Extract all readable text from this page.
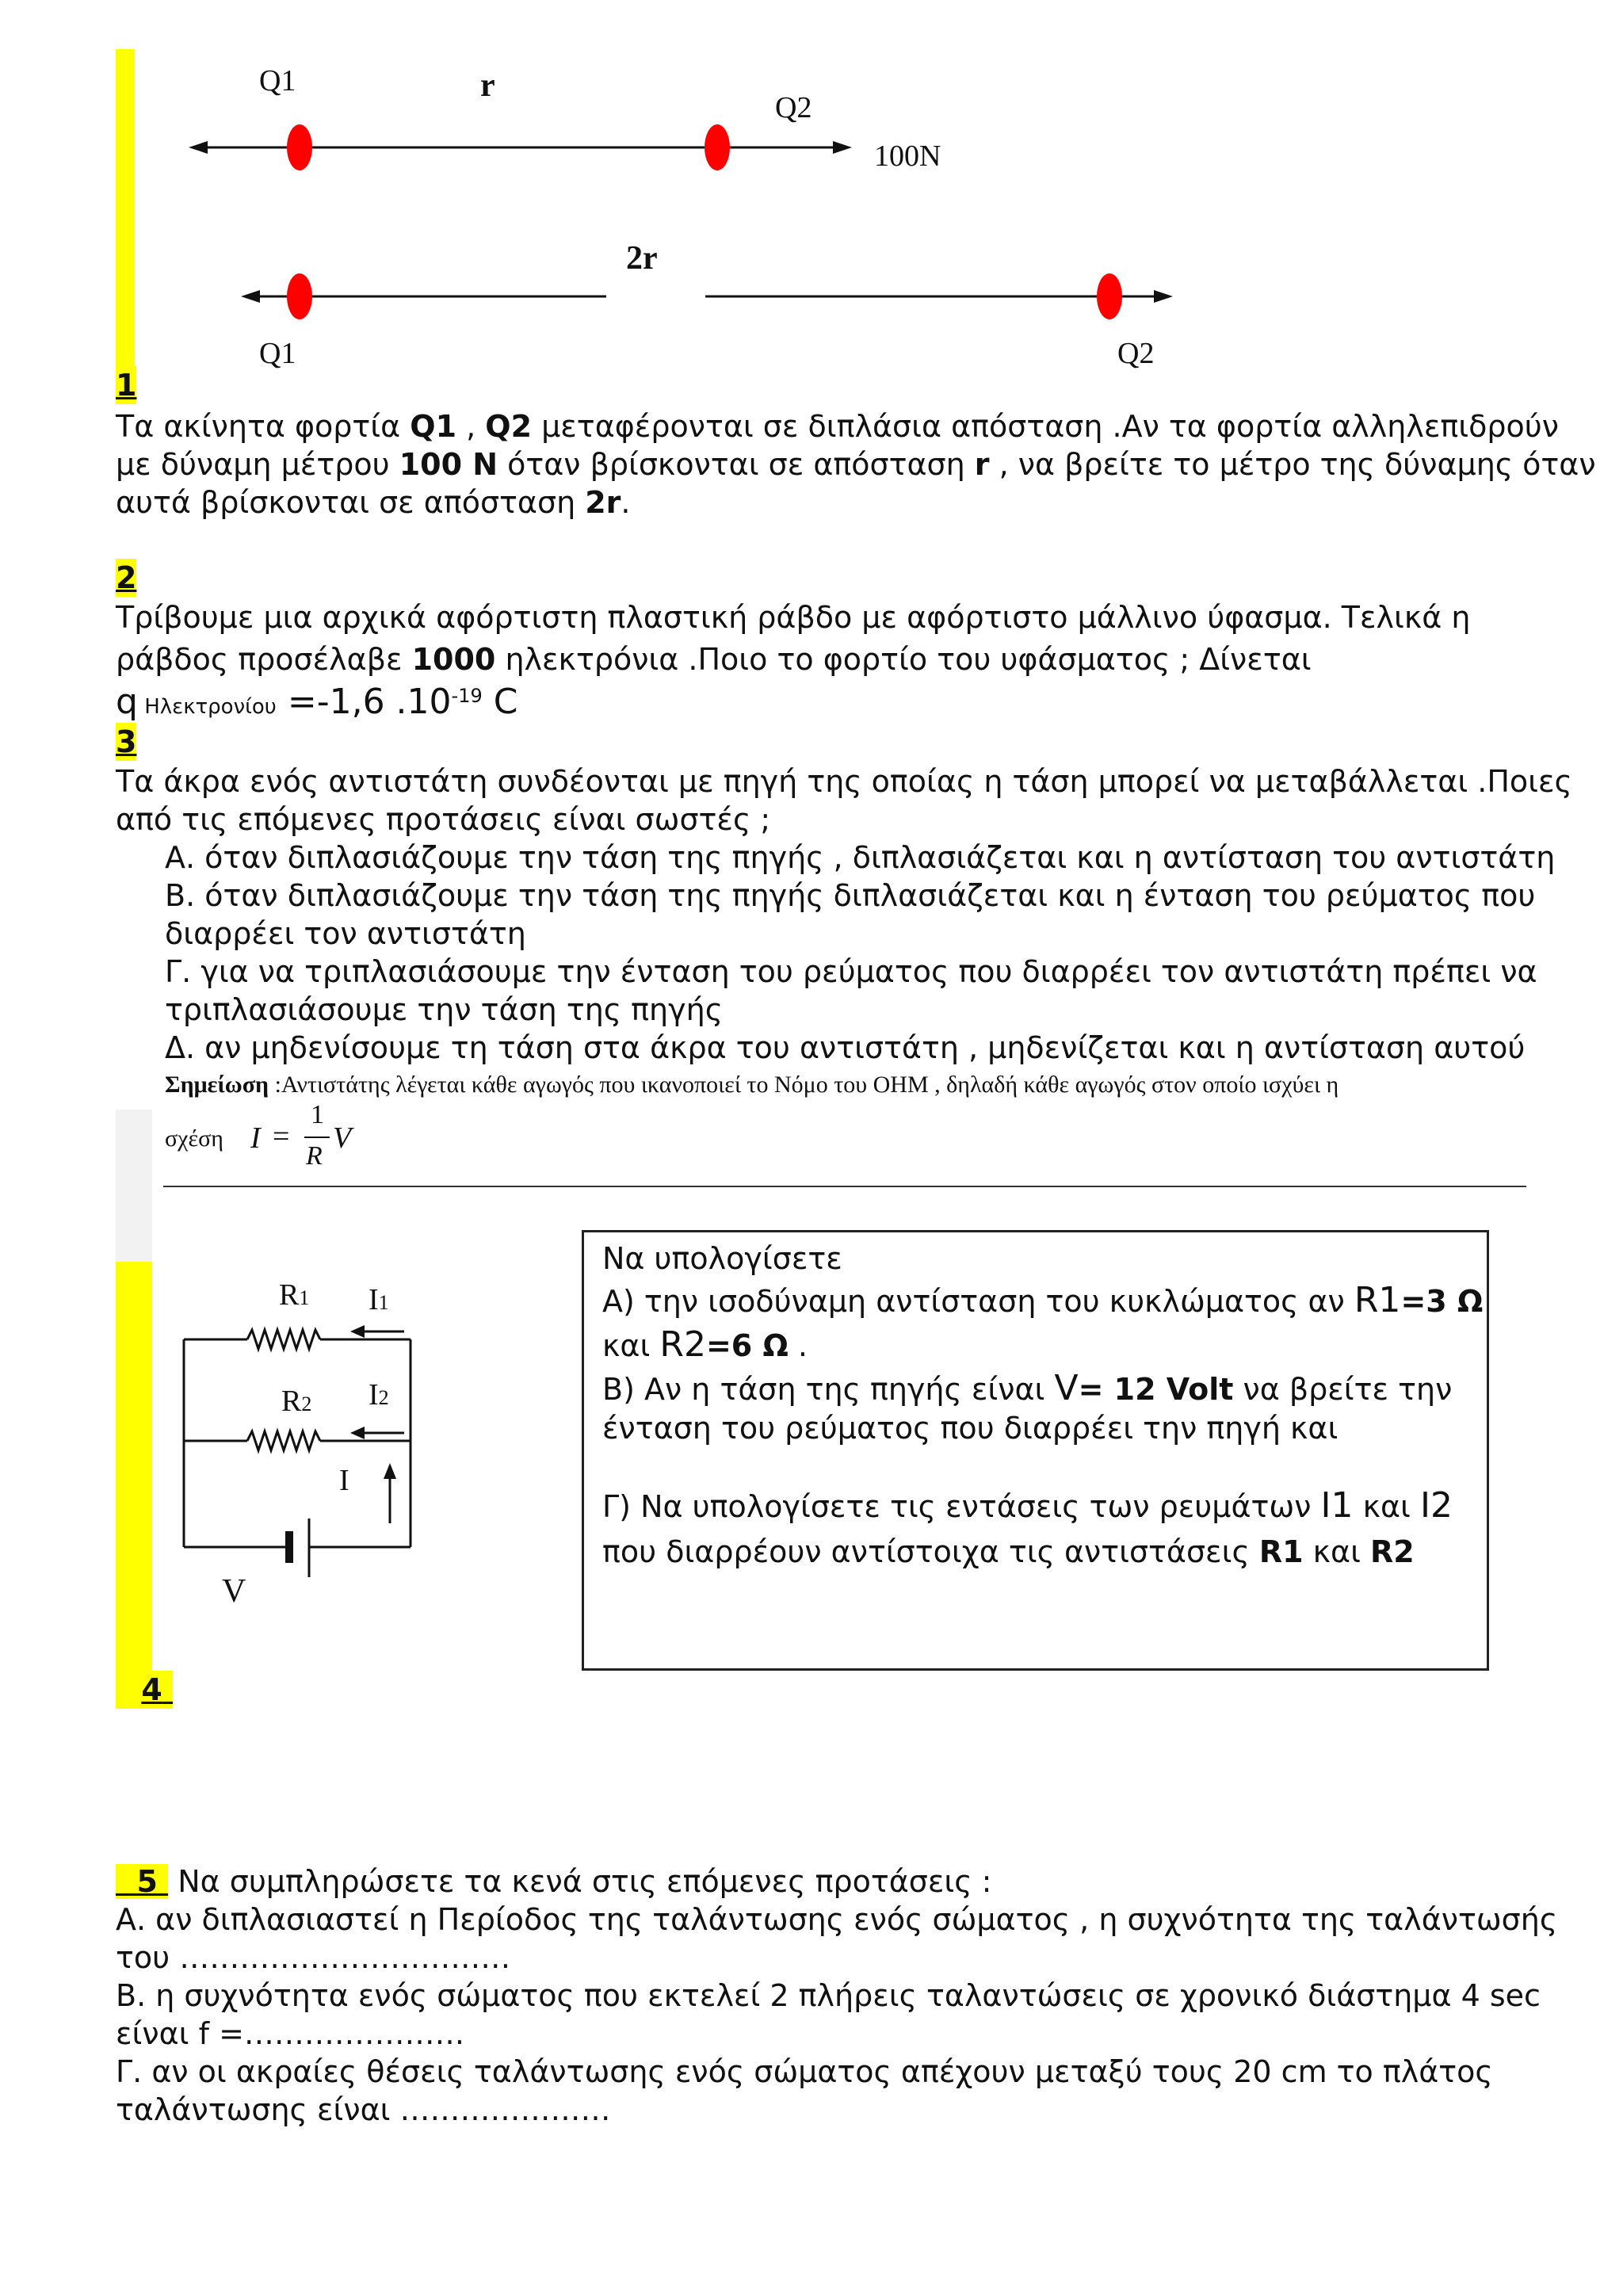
Q1	r
Q2
100N
2r
Q1	Q2
1
Τα ακίνητα φορτία Q1 , Q2 μεταφέρονται σε διπλάσια απόσταση .Αν τα φορτία αλληλεπιδρούν
με δύναμη μέτρου 100 N όταν βρίσκονται σε απόσταση r , να βρείτε το μέτρο της δύναμης όταν
αυτά βρίσκονται σε απόσταση 2r.
2
Τρίβουμε μια αρχικά αφόρτιστη πλαστική ράβδο με αφόρτιστο μάλλινο ύφασμα. Τελικά η
ράβδος προσέλαβε 1000 ηλεκτρόνια .Ποιο το φορτίο του υφάσματος ; Δίνεται
q Ηλεκτρονίου =-1,6 $.10^{-19}$ C
3
Τα άκρα ενός αντιστάτη συνδέονται με πηγή της οποίας η τάση μπορεί να μεταβάλλεται .Ποιες
από τις επόμενες προτάσεις είναι σωστές ;
Α. όταν διπλασιάζουμε την τάση της πηγής , διπλασιάζεται και η αντίσταση του αντιστάτη
Β. όταν διπλασιάζουμε την τάση της πηγής διπλασιάζεται και η ένταση του ρεύματος που
διαρρέει τον αντιστάτη
Γ. για να τριπλασιάσουμε την ένταση του ρεύματος που διαρρέει τον αντιστάτη πρέπει να
τριπλασιάσουμε την τάση της πηγής
Δ. αν μηδενίσουμε τη τάση στα άκρα του αντιστάτη , μηδενίζεται και η αντίσταση αυτού
Σημείωση :Αντιστάτης λέγεται κάθε αγωγός που ικανοποιεί το Νόμο του ΟΗΜ , δηλαδή κάθε αγωγός στον οποίο ισχύει η
σχέση I =
1
R
V
R1 I1
R2 I2
I
V
4
Να υπολογίσετε
Α) την ισοδύναμη αντίσταση του κυκλώματος αν R1=3 Ω
και R2=6 Ω .
Β) Αν η τάση της πηγής είναι V= 12 Volt να βρείτε την
ένταση του ρεύματος που διαρρέει την πηγή και
Γ) Να υπολογίσετε τις εντάσεις των ρευμάτων Ι1 και Ι2
που διαρρέουν αντίστοιχα τις αντιστάσεις R1 και R2
5  Να συμπληρώσετε τα κενά στις επόμενες προτάσεις :
Α. αν διπλασιαστεί η Περίοδος της ταλάντωσης ενός σώματος , η συχνότητα της ταλάντωσής
του ……………………………
Β. η συχνότητα ενός σώματος που εκτελεί 2 πλήρεις ταλαντώσεις σε χρονικό διάστημα 4 sec
είναι f =………………….
Γ. αν οι ακραίες θέσεις ταλάντωσης ενός σώματος απέχουν μεταξύ τους 20 cm το πλάτος
ταλάντωσης είναι …………………
